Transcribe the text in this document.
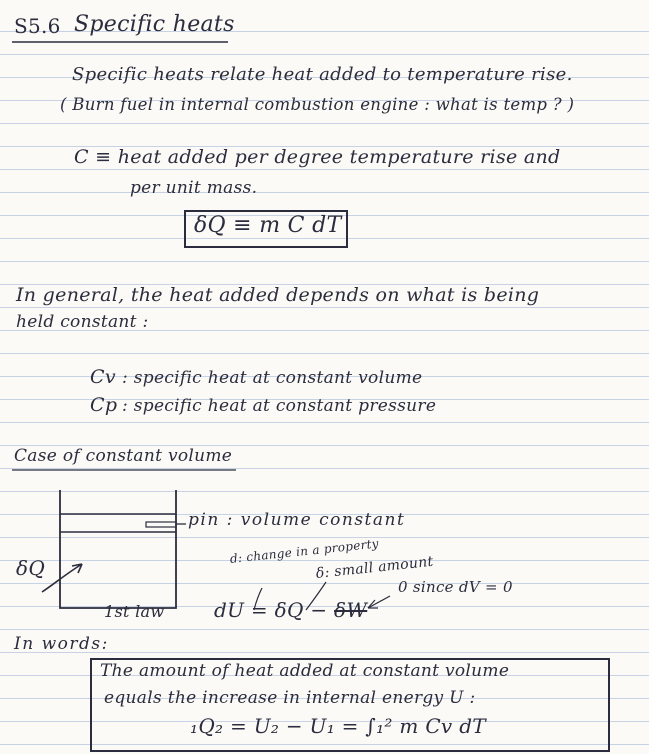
S5.6 Specific heats
Specific heats relate heat added to temperature rise.
( Burn fuel in internal combustion engine : what is temp ? )
C ≡ heat added per degree temperature rise and
per unit mass.
δQ ≡ m C dT
In general, the heat added depends on what is being
held constant :
Cv : specific heat at constant volume
Cp : specific heat at constant pressure
Case of constant volume
pin : volume constant
δQ
d: change in a property
δ: small amount
0 since dV = 0
1st law dU = δQ − δW
In words:
The amount of heat added at constant volume
equals the increase in internal energy U :
₁Q₂ = U₂ − U₁ = ∫₁² m Cv dT
